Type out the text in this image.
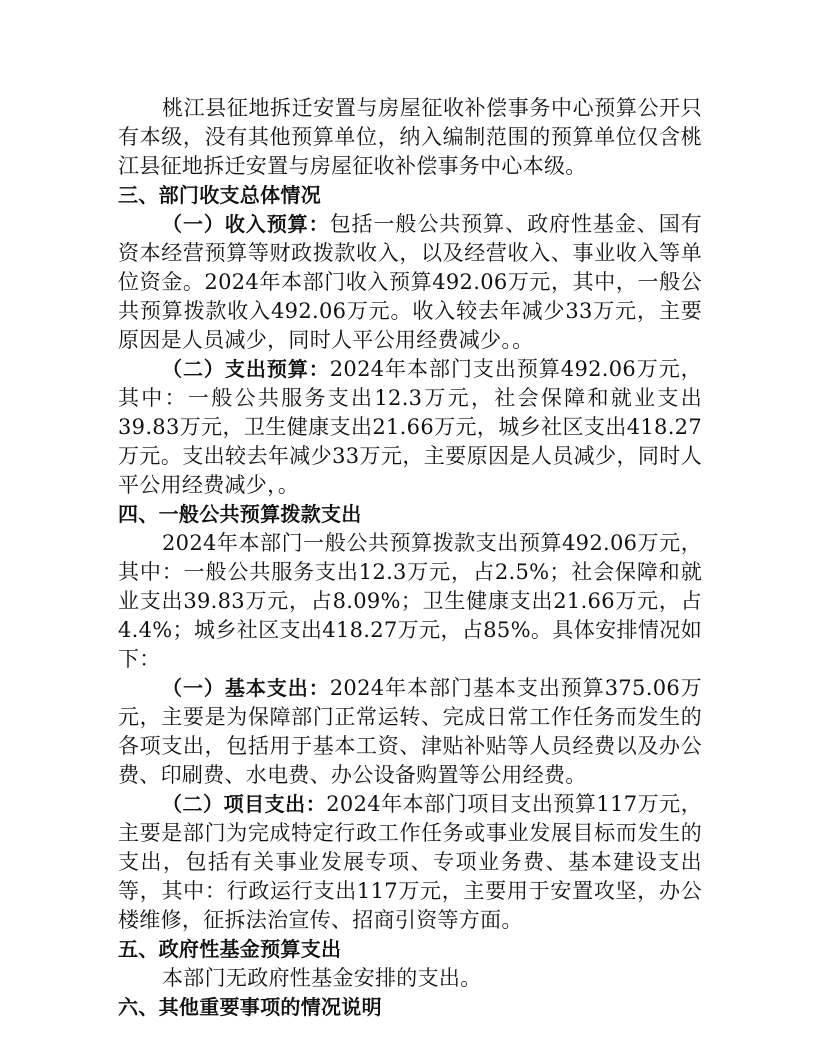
桃江县征地拆迁安置与房屋征收补偿事务中心预算公开只有本级，没有其他预算单位，纳入编制范围的预算单位仅含桃江县征地拆迁安置与房屋征收补偿事务中心本级。

三、部门收支总体情况

（一）收入预算：包括一般公共预算、政府性基金、国有资本经营预算等财政拨款收入，以及经营收入、事业收入等单位资金。2024年本部门收入预算492.06万元，其中，一般公共预算拨款收入492.06万元。收入较去年减少33万元，主要原因是人员减少，同时人平公用经费减少。。

（二）支出预算：2024年本部门支出预算492.06万元，其中：一般公共服务支出12.3万元，社会保障和就业支出39.83万元，卫生健康支出21.66万元，城乡社区支出418.27万元。支出较去年减少33万元，主要原因是人员减少，同时人平公用经费减少，。

四、一般公共预算拨款支出

2024年本部门一般公共预算拨款支出预算492.06万元，其中：一般公共服务支出12.3万元，占2.5%；社会保障和就业支出39.83万元，占8.09%；卫生健康支出21.66万元，占4.4%；城乡社区支出418.27万元，占85%。具体安排情况如下：

（一）基本支出：2024年本部门基本支出预算375.06万元，主要是为保障部门正常运转、完成日常工作任务而发生的各项支出，包括用于基本工资、津贴补贴等人员经费以及办公费、印刷费、水电费、办公设备购置等公用经费。

（二）项目支出：2024年本部门项目支出预算117万元，主要是部门为完成特定行政工作任务或事业发展目标而发生的支出，包括有关事业发展专项、专项业务费、基本建设支出等，其中：行政运行支出117万元，主要用于安置攻坚，办公楼维修，征拆法治宣传、招商引资等方面。

五、政府性基金预算支出

本部门无政府性基金安排的支出。

六、其他重要事项的情况说明
